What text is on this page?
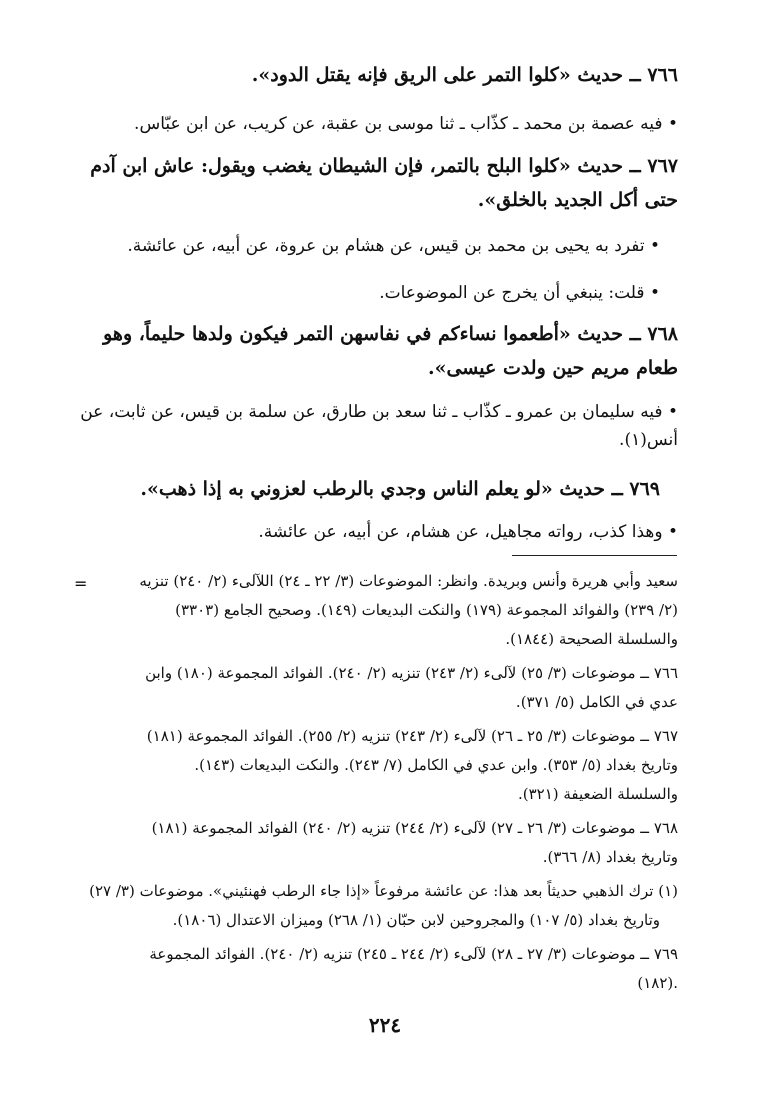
٧٦٦ ــ حديث «كلوا التمر على الريق فإنه يقتل الدود».
• فيه عصمة بن محمد ـ كذّاب ـ ثنا موسى بن عقبة، عن كريب، عن ابن عبّاس.
٧٦٧ ــ حديث «كلوا البلح بالتمر، فإن الشيطان يغضب ويقول: عاش ابن آدم
حتى أكل الجديد بالخلق».
• تفرد به يحيى بن محمد بن قيس، عن هشام بن عروة، عن أبيه، عن عائشة.
• قلت: ينبغي أن يخرج عن الموضوعات.
٧٦٨ ــ حديث «أطعموا نساءكم في نفاسهن التمر فيكون ولدها حليماً، وهو
طعام مريم حين ولدت عيسى».
• فيه سليمان بن عمرو ـ كذّاب ـ ثنا سعد بن طارق، عن سلمة بن قيس، عن ثابت، عن
أنس(١).
٧٦٩ ــ حديث «لو يعلم الناس وجدي بالرطب لعزوني به إذا ذهب».
• وهذا كذب، رواته مجاهيل، عن هشام، عن أبيه، عن عائشة.
=	سعيد وأبي هريرة وأنس وبريدة. وانظر: الموضوعات (٣/ ٢٢ ـ ٢٤) اللآلىء (٢/ ٢٤٠) تنزيه
(٢/ ٢٣٩) والفوائد المجموعة (١٧٩) والنكت البديعات (١٤٩). وصحيح الجامع (٣٣٠٣)
والسلسلة الصحيحة (١٨٤٤).
٧٦٦ ــ موضوعات (٣/ ٢٥) لآلىء (٢/ ٢٤٣) تنزيه (٢/ ٢٤٠). الفوائد المجموعة (١٨٠) وابن
عدي في الكامل (٥/ ٣٧١).
٧٦٧ ــ موضوعات (٣/ ٢٥ ـ ٢٦) لآلىء (٢/ ٢٤٣) تنزيه (٢/ ٢٥٥). الفوائد المجموعة (١٨١)
وتاريخ بغداد (٥/ ٣٥٣). وابن عدي في الكامل (٧/ ٢٤٣). والنكت البديعات (١٤٣).
والسلسلة الضعيفة (٣٢١).
٧٦٨ ــ موضوعات (٣/ ٢٦ ـ ٢٧) لآلىء (٢/ ٢٤٤) تنزيه (٢/ ٢٤٠) الفوائد المجموعة (١٨١)
وتاريخ بغداد (٨/ ٣٦٦).
(١) ترك الذهبي حديثاً بعد هذا: عن عائشة مرفوعاً «إذا جاء الرطب فهنئيني». موضوعات (٣/ ٢٧)
وتاريخ بغداد (٥/ ١٠٧) والمجروحين لابن حبّان (١/ ٢٦٨) وميزان الاعتدال (١٨٠٦).
٧٦٩ ــ موضوعات (٣/ ٢٧ ـ ٢٨) لآلىء (٢/ ٢٤٤ ـ ٢٤٥) تنزيه (٢/ ٢٤٠). الفوائد المجموعة
(١٨٢).
٢٢٤
